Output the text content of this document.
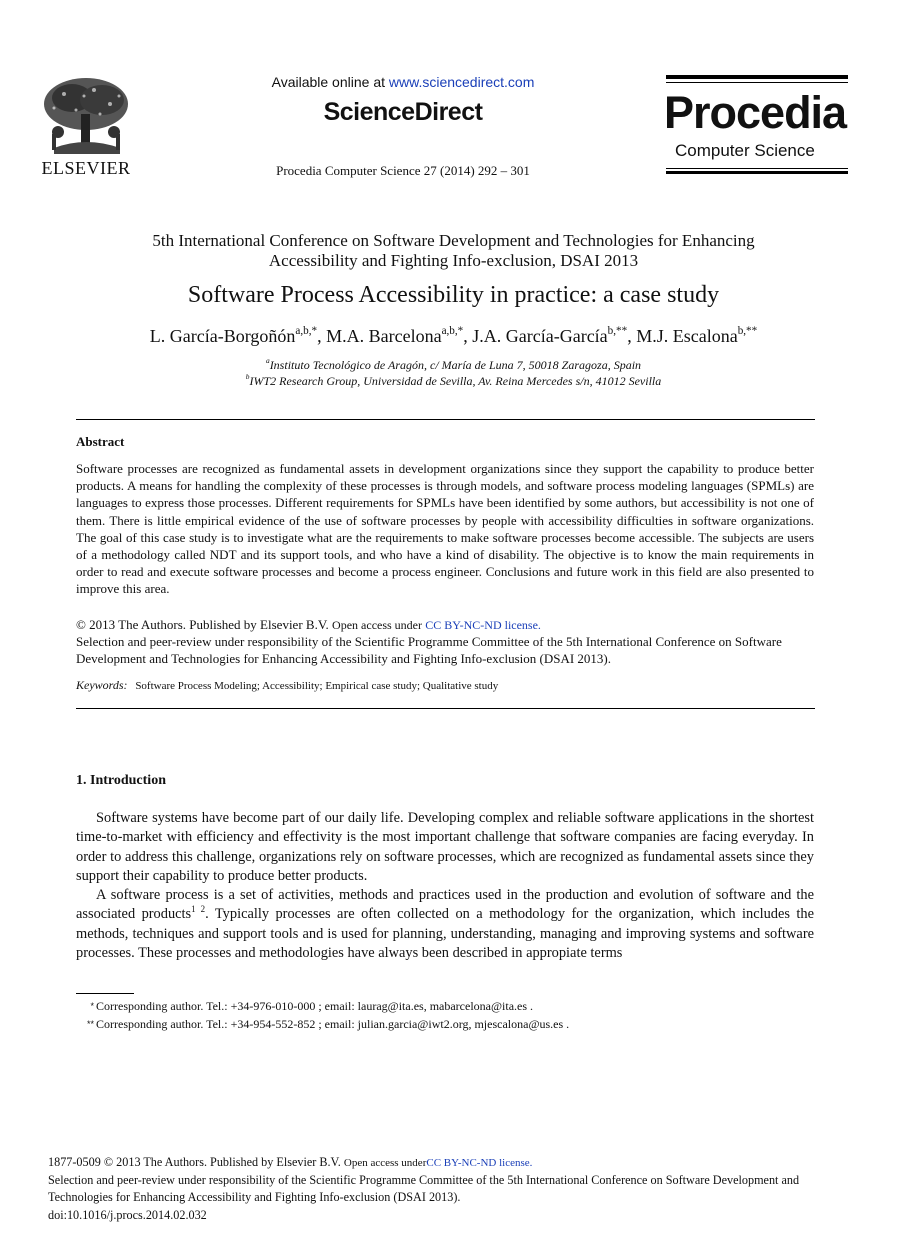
ELSEVIER
Available online at www.sciencedirect.com
ScienceDirect
Procedia Computer Science 27 (2014) 292 – 301
Procedia
Computer Science
5th International Conference on Software Development and Technologies for Enhancing
Accessibility and Fighting Info-exclusion, DSAI 2013
Software Process Accessibility in practice: a case study
L. García-Borgoñón$^{a,b,*}$, M.A. Barcelona$^{a,b,*}$, J.A. García-García$^{b,**}$, M.J. Escalona$^{b,**}$
$^a$Instituto Tecnológico de Aragón, c/ María de Luna 7, 50018 Zaragoza, Spain
$^b$IWT2 Research Group, Universidad de Sevilla, Av. Reina Mercedes s/n, 41012 Sevilla
Abstract
Software processes are recognized as fundamental assets in development organizations since they support the capability to produce better products. A means for handling the complexity of these processes is through models, and software process modeling languages (SPMLs) are languages to express those processes. Different requirements for SPMLs have been identified by some authors, but accessibility is not one of them. There is little empirical evidence of the use of software processes by people with accessibility difficulties in software organizations. The goal of this case study is to investigate what are the requirements to make software processes become accessible. The subjects are users of a methodology called NDT and its support tools, and who have a kind of disability. The objective is to know the main requirements in order to read and execute software processes and become a process engineer. Conclusions and future work in this field are also presented to improve this area.
© 2013 The Authors. Published by Elsevier B.V. Open access under CC BY-NC-ND license.
Selection and peer-review under responsibility of the Scientific Programme Committee of the 5th International Conference on Software Development and Technologies for Enhancing Accessibility and Fighting Info-exclusion (DSAI 2013).
Keywords: Software Process Modeling; Accessibility; Empirical case study; Qualitative study
1. Introduction

Software systems have become part of our daily life. Developing complex and reliable software applications in the shortest time-to-market with efficiency and effectivity is the most important challenge that software companies are facing everyday. In order to address this challenge, organizations rely on software processes, which are recognized as fundamental assets since they support their capability to produce better products.

A software process is a set of activities, methods and practices used in the production and evolution of software and the associated products$^{1 2}$. Typically processes are often collected on a methodology for the organization, which includes the methods, techniques and support tools and is used for planning, understanding, managing and improving systems and software processes. These processes and methodologies have always been described in appropiate terms

* Corresponding author. Tel.: +34-976-010-000 ; email: laurag@ita.es, mabarcelona@ita.es .
** Corresponding author. Tel.: +34-954-552-852 ; email: julian.garcia@iwt2.org, mjescalona@us.es .
1877-0509 © 2013 The Authors. Published by Elsevier B.V. Open access underCC BY-NC-ND license.
Selection and peer-review under responsibility of the Scientific Programme Committee of the 5th International Conference on Software Development and Technologies for Enhancing Accessibility and Fighting Info-exclusion (DSAI 2013).
doi:10.1016/j.procs.2014.02.032
